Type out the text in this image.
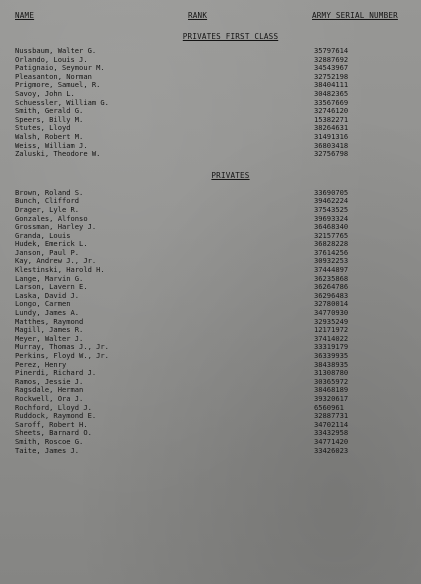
NAME	RANK	ARMY SERIAL NUMBER
PRIVATES FIRST CLASS
Nussbaum, Walter G.	35797614
Orlando, Louis J.	32887692
Patignaio, Seymour M.	34543967
Pleasanton, Norman	32752198
Prigmore, Samuel, R.	38404111
Savoy, John L.	30482365
Schuessler, William G.	33567669
Smith, Gerald G.	32746120
Speers, Billy M.	15382271
Stutes, Lloyd	38264631
Walsh, Robert M.	31491316
Weiss, William J.	36803418
Zaluski, Theodore W.	32756798
PRIVATES
Brown, Roland S.	33690705
Bunch, Clifford	39462224
Drager, Lyle R.	37543525
Gonzales, Alfonso	39693324
Grossman, Harley J.	36468340
Granda, Louis	32157765
Hudek, Emerick L.	36828228
Janson, Paul P.	37614256
Kay, Andrew J., Jr.	30932253
Klestinski, Harold H.	37444897
Lange, Marvin G.	36235868
Larson, Lavern E.	36264786
Laska, David J.	36296483
Longo, Carmen	32780014
Lundy, James A.	34770930
Matthes, Raymond	32935249
Magill, James R.	12171972
Meyer, Walter J.	37414022
Murray, Thomas J., Jr.	33319179
Perkins, Floyd W., Jr.	36339935
Perez, Henry	38438935
Pinerdi, Richard J.	31308780
Ramos, Jessie J.	30365972
Ragsdale, Herman	38468189
Rockwell, Ora J.	39320617
Rochford, Lloyd J.	6560961
Ruddock, Raymond E.	32887731
Saroff, Robert H.	34702114
Sheets, Barnard O.	33432958
Smith, Roscoe G.	34771420
Taite, James J.	33426023
